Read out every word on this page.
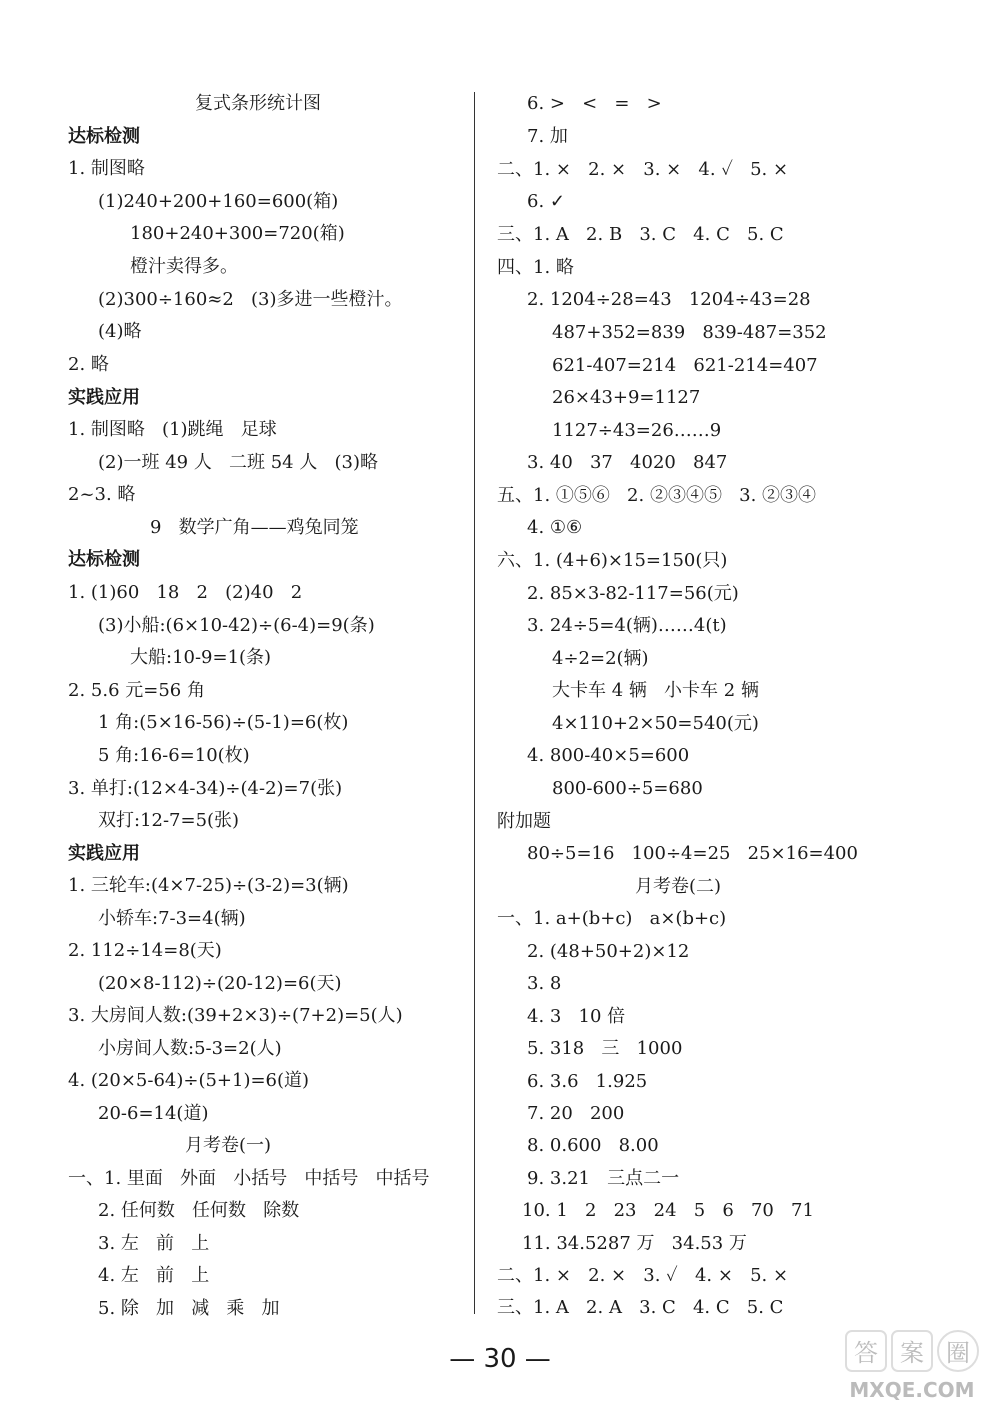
复式条形统计图
达标检测
1. 制图略
(1)240+200+160=600(箱)
180+240+300=720(箱)
橙汁卖得多。
(2)300÷160≈2   (3)多进一些橙汁。
(4)略
2. 略
实践应用
1. 制图略   (1)跳绳   足球
(2)一班 49 人   二班 54 人   (3)略
2~3. 略
9   数学广角——鸡兔同笼
达标检测
1. (1)60   18   2   (2)40   2
(3)小船:(6×10-42)÷(6-4)=9(条)
大船:10-9=1(条)
2. 5.6 元=56 角
1 角:(5×16-56)÷(5-1)=6(枚)
5 角:16-6=10(枚)
3. 单打:(12×4-34)÷(4-2)=7(张)
双打:12-7=5(张)
实践应用
1. 三轮车:(4×7-25)÷(3-2)=3(辆)
小轿车:7-3=4(辆)
2. 112÷14=8(天)
(20×8-112)÷(20-12)=6(天)
3. 大房间人数:(39+2×3)÷(7+2)=5(人)
小房间人数:5-3=2(人)
4. (20×5-64)÷(5+1)=6(道)
20-6=14(道)
月考卷(一)
一、1. 里面   外面   小括号   中括号   中括号
2. 任何数   任何数   除数
3. 左   前   上
4. 左   前   上
5. 除   加   减   乘   加
6. >   <   =   >
7. 加
二、1. ×   2. ×   3. ×   4. ✓   5. ×
6. ✓
三、1. A   2. B   3. C   4. C   5. C
四、1. 略
2. 1204÷28=43   1204÷43=28
487+352=839   839-487=352
621-407=214   621-214=407
26×43+9=1127
1127÷43=26……9
3. 40   37   4020   847
五、1. ①⑤⑥   2. ②③④⑤   3. ②③④
4. ①⑥
六、1. (4+6)×15=150(只)
2. 85×3-82-117=56(元)
3. 24÷5=4(辆)……4(t)
4÷2=2(辆)
大卡车 4 辆   小卡车 2 辆
4×110+2×50=540(元)
4. 800-40×5=600
800-600÷5=680
附加题
80÷5=16   100÷4=25   25×16=400
月考卷(二)
一、1. a+(b+c)   a×(b+c)
2. (48+50+2)×12
3. 8
4. 3   10 倍
5. 318   三   1000
6. 3.6   1.925
7. 20   200
8. 0.600   8.00
9. 3.21   三点二一
10. 1   2   23   24   5   6   70   71
11. 34.5287 万   34.53 万
二、1. ×   2. ×   3. ✓   4. ×   5. ×
三、1. A   2. A   3. C   4. C   5. C
— 30 —	答 案 圈
MXQE.COM
